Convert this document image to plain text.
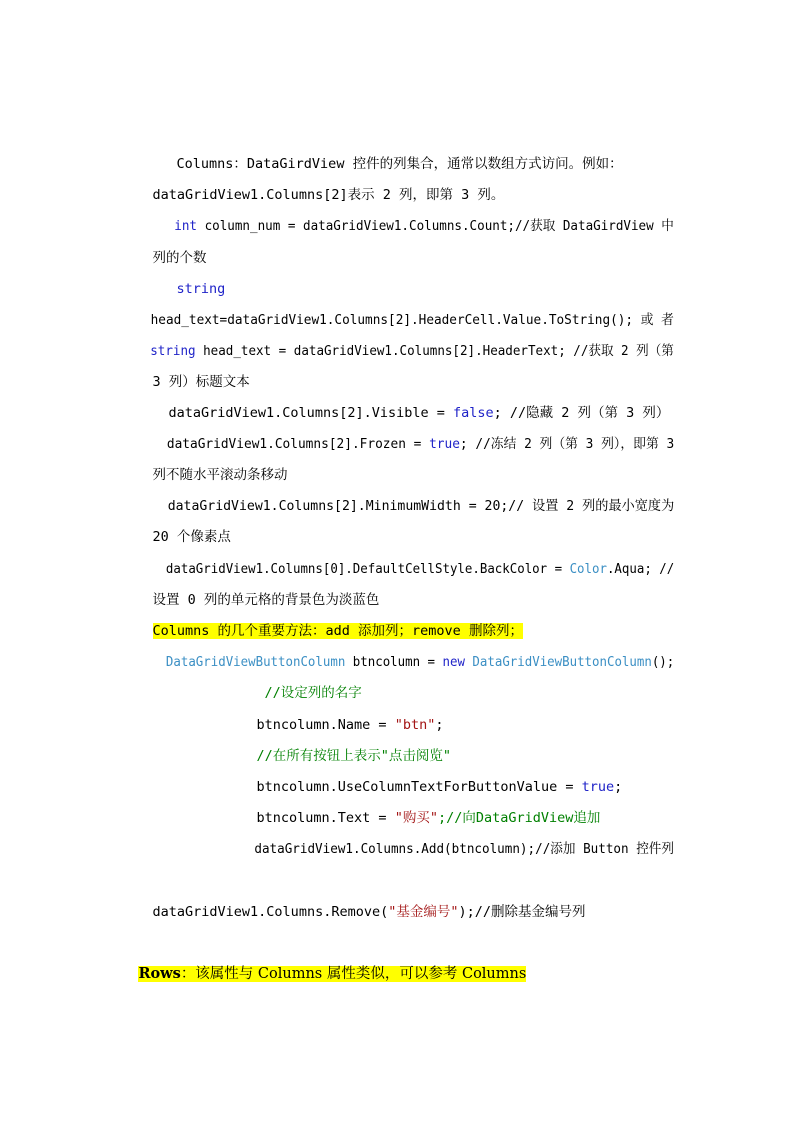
Columns：DataGirdView 控件的列集合，通常以数组方式访问。例如：

dataGridView1.Columns[2]表示 2 列，即第 3 列。

int column_num = dataGridView1.Columns.Count;//获取 DataGirdView 中

列的个数

string

head_text=dataGridView1.Columns[2].HeaderCell.Value.ToString(); 或 者

string head_text = dataGridView1.Columns[2].HeaderText; //获取 2 列（第

3 列）标题文本

dataGridView1.Columns[2].Visible = false; //隐藏 2 列（第 3 列）

dataGridView1.Columns[2].Frozen = true; //冻结 2 列（第 3 列），即第 3

列不随水平滚动条移动

dataGridView1.Columns[2].MinimumWidth = 20;// 设置 2 列的最小宽度为

20 个像素点

dataGridView1.Columns[0].DefaultCellStyle.BackColor = Color.Aqua; //

设置 0 列的单元格的背景色为淡蓝色

Columns 的几个重要方法：add 添加列；remove 删除列；

DataGridViewButtonColumn btncolumn = new DataGridViewButtonColumn();

//设定列的名字

btncolumn.Name = "btn";

//在所有按钮上表示"点击阅览"

btncolumn.UseColumnTextForButtonValue = true;

btncolumn.Text = "购买";//向DataGridView追加

dataGridView1.Columns.Add(btncolumn);//添加 Button 控件列

dataGridView1.Columns.Remove("基金编号");//删除基金编号列

Rows：该属性与 Columns 属性类似，可以参考 Columns
